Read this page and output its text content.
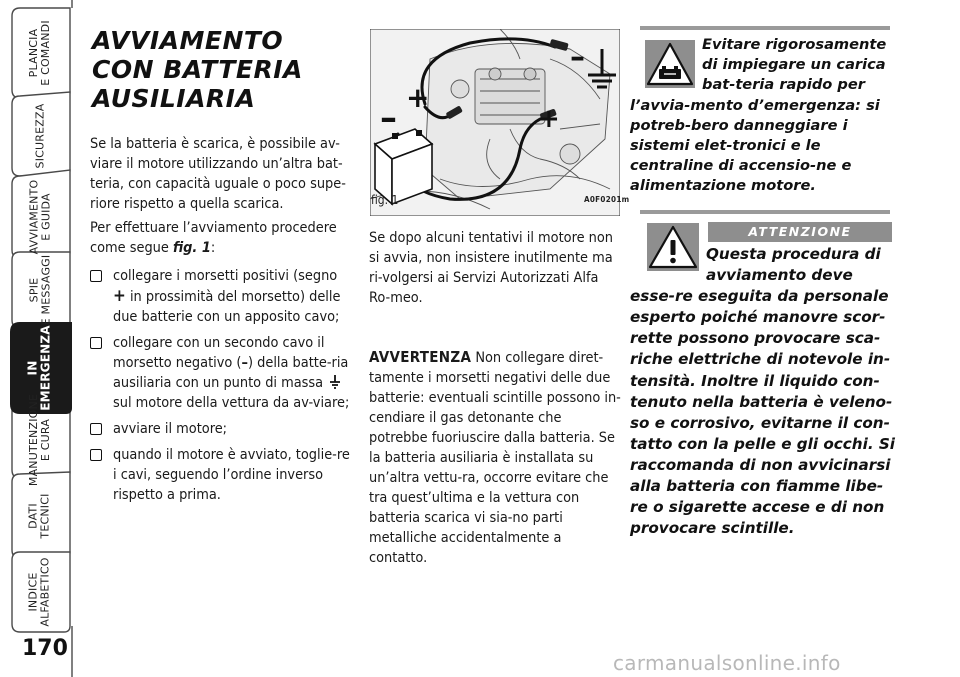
PLANCIA
E COMANDI
SICUREZZA
AVVIAMENTO
E GUIDA
SPIE
E MESSAGGI
IN
EMERGENZA
MANUTENZIONE
E CURA
DATI
TECNICI
INDICE
ALFABETICO
170
AVVIAMENTO
CON BATTERIA
AUSILIARIA

Se la batteria è scarica, è possibile av-viare il motore utilizzando un’altra bat-teria, con capacità uguale o poco supe-riore rispetto a quella scarica.

Per effettuare l’avviamento procedere come segue fig. 1:

collegare i morsetti positivi (segno + in prossimità del morsetto) delle due batterie con un apposito cavo;
collegare con un secondo cavo il morsetto negativo (–) della batte-ria ausiliaria con un punto di massa  sul motore della vettura da av-viare;
avviare il motore;
quando il motore è avviato, toglie-re i cavi, seguendo l’ordine inverso rispetto a prima.
–
+
+
–
fig. 1	A0F0201m

Se dopo alcuni tentativi il motore non si avvia, non insistere inutilmente ma ri-volgersi ai Servizi Autorizzati Alfa Ro-meo.

AVVERTENZA Non collegare diret-tamente i morsetti negativi delle due batterie: eventuali scintille possono in-cendiare il gas detonante che potrebbe fuoriuscire dalla batteria. Se la batteria ausiliaria è installata su un’altra vettu-ra, occorre evitare che tra quest’ultima e la vettura con batteria scarica vi sia-no parti metalliche accidentalmente a contatto.

Evitare rigorosamente di impiegare un carica bat-teria rapido per l’avvia-mento d’emergenza: si potreb-bero danneggiare i sistemi elet-tronici e le centraline di accensio-ne e alimentazione motore.

ATTENZIONE

Questa procedura di avviamento deve esse-re eseguita da personale esperto poiché manovre scor-rette possono provocare sca-riche elettriche di notevole in-tensità. Inoltre il liquido con-tenuto nella batteria è veleno-so e corrosivo, evitarne il con-tatto con la pelle e gli occhi. Si raccomanda di non avvicinarsi alla batteria con fiamme libe-re o sigarette accese e di non provocare scintille.

carmanualsonline.info
